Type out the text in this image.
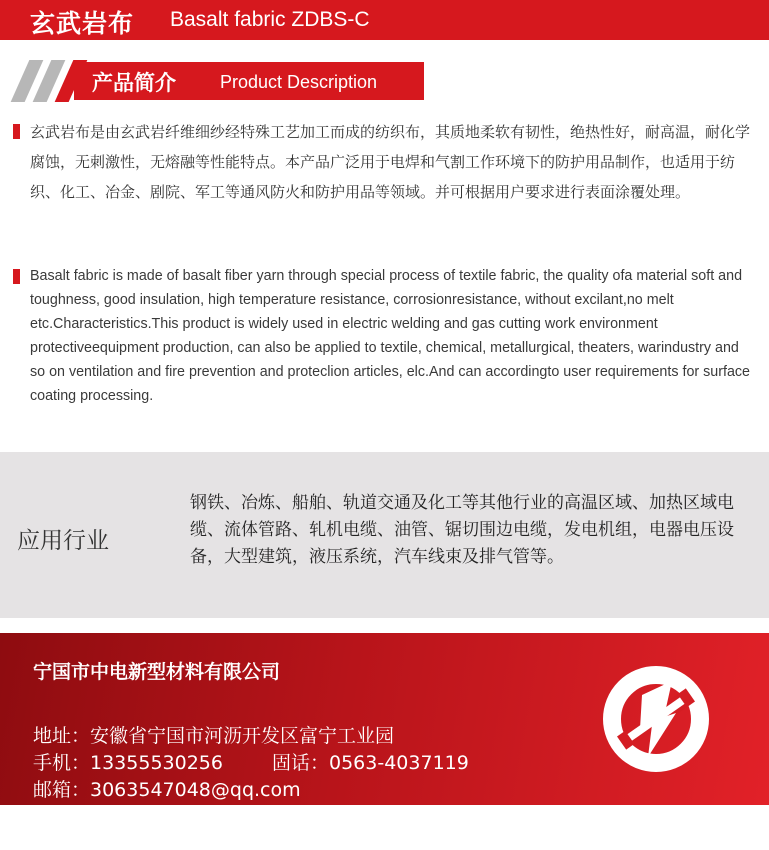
玄武岩布 Basalt fabric ZDBS-C
产品简介 Product Description

玄武岩布是由玄武岩纤维细纱经特殊工艺加工而成的纺织布，其质地柔软有韧性，绝热性好，耐高温，耐化学腐蚀，无刺激性，无熔融等性能特点。本产品广泛用于电焊和气割工作环境下的防护用品制作，也适用于纺织、化工、冶金、剧院、军工等通风防火和防护用品等领域。并可根据用户要求进行表面涂覆处理。

Basalt fabric is made of basalt fiber yarn through special process of textile fabric, the quality ofa material soft and toughness, good insulation, high temperature resistance, corrosionresistance, without excilant,no melt etc.Characteristics.This product is widely used in electric welding and gas cutting work environment protectiveequipment production, can also be applied to textile, chemical, metallurgical, theaters, warindustry and so on ventilation and fire prevention and proteclion articles, elc.And can accordingto user requirements for surface coating processing.

应用行业
钢铁、冶炼、船舶、轨道交通及化工等其他行业的高温区域、加热区域电缆、流体管路、轧机电缆、油管、锯切围边电缆，发电机组，电器电压设备，大型建筑，液压系统，汽车线束及排气管等。
宁国市中电新型材料有限公司
地址：安徽省宁国市河沥开发区富宁工业园
手机：13355530256	固话：0563-4037119
邮箱：3063547048@qq.com
